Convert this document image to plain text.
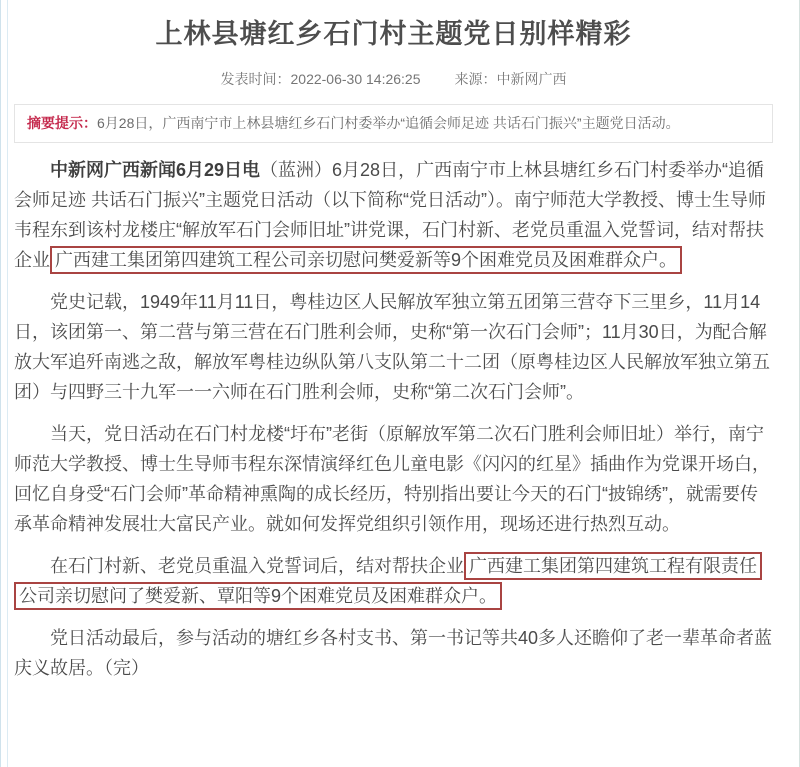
上林县塘红乡石门村主题党日别样精彩
发表时间：2022-06-30 14:26:25 来源：中新网广西
摘要提示：6月28日，广西南宁市上林县塘红乡石门村委举办“追循会师足迹 共话石门振兴”主题党日活动。

中新网广西新闻6月29日电（蓝洲）6月28日，广西南宁市上林县塘红乡石门村委举办“追循会师足迹 共话石门振兴”主题党日活动（以下简称“党日活动”）。南宁师范大学教授、博士生导师韦程东到该村龙楼庄“解放军石门会师旧址”讲党课，石门村新、老党员重温入党誓词，结对帮扶企业 广西建工集团第四建筑工程公司亲切慰问樊爱新等9个困难党员及困难群众户。

党史记载，1949年11月11日，粤桂边区人民解放军独立第五团第三营夺下三里乡，11月14日，该团第一、第二营与第三营在石门胜利会师，史称“第一次石门会师”；11月30日，为配合解放大军追歼南逃之敌，解放军粤桂边纵队第八支队第二十二团（原粤桂边区人民解放军独立第五团）与四野三十九军一一六师在石门胜利会师，史称“第二次石门会师”。

当天，党日活动在石门村龙楼“圩布”老街（原解放军第二次石门胜利会师旧址）举行，南宁师范大学教授、博士生导师韦程东深情演绎红色儿童电影《闪闪的红星》插曲作为党课开场白，回忆自身受“石门会师”革命精神熏陶的成长经历，特别指出要让今天的石门“披锦绣”，就需要传承革命精神发展壮大富民产业。就如何发挥党组织引领作用，现场还进行热烈互动。

在石门村新、老党员重温入党誓词后，结对帮扶企业 广西建工集团第四建筑工程有限责任公司亲切慰问了樊爱新、覃阳等9个困难党员及困难群众户。

党日活动最后，参与活动的塘红乡各村支书、第一书记等共40多人还瞻仰了老一辈革命者蓝庆义故居。（完）
